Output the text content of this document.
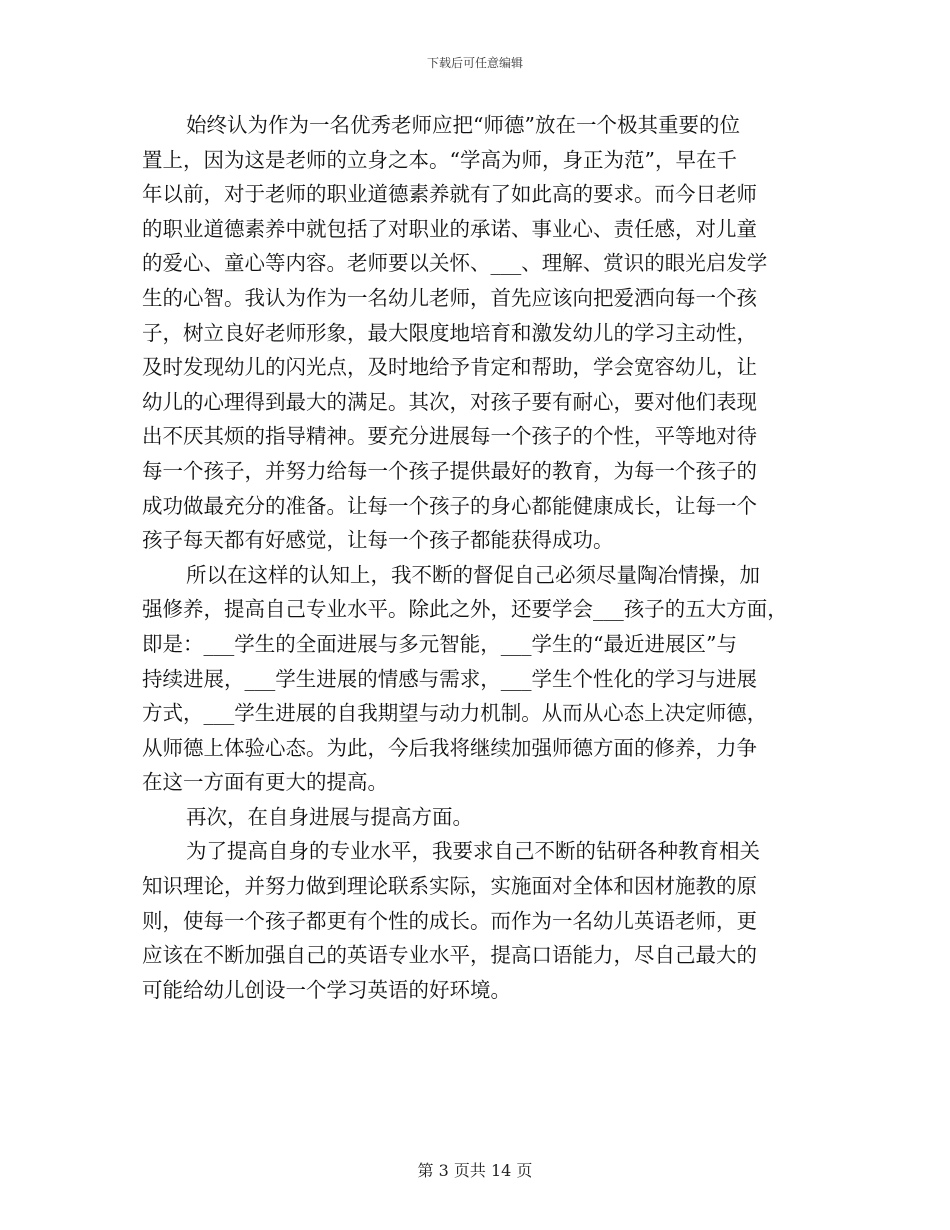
下载后可任意编辑
始终认为作为一名优秀老师应把“师德”放在一个极其重要的位
置上，因为这是老师的立身之本。“学高为师，身正为范”，早在千
年以前，对于老师的职业道德素养就有了如此高的要求。而今日老师
的职业道德素养中就包括了对职业的承诺、事业心、责任感，对儿童
的爱心、童心等内容。老师要以关怀、___、理解、赏识的眼光启发学
生的心智。我认为作为一名幼儿老师，首先应该向把爱洒向每一个孩
子，树立良好老师形象，最大限度地培育和激发幼儿的学习主动性，
及时发现幼儿的闪光点，及时地给予肯定和帮助，学会宽容幼儿，让
幼儿的心理得到最大的满足。其次，对孩子要有耐心，要对他们表现
出不厌其烦的指导精神。要充分进展每一个孩子的个性，平等地对待
每一个孩子，并努力给每一个孩子提供最好的教育，为每一个孩子的
成功做最充分的准备。让每一个孩子的身心都能健康成长，让每一个
孩子每天都有好感觉，让每一个孩子都能获得成功。
所以在这样的认知上，我不断的督促自己必须尽量陶冶情操，加
强修养，提高自己专业水平。除此之外，还要学会___孩子的五大方面，
即是：___学生的全面进展与多元智能，___学生的“最近进展区”与
持续进展，___学生进展的情感与需求，___学生个性化的学习与进展
方式，___学生进展的自我期望与动力机制。从而从心态上决定师德，
从师德上体验心态。为此，今后我将继续加强师德方面的修养，力争
在这一方面有更大的提高。
再次，在自身进展与提高方面。
为了提高自身的专业水平，我要求自己不断的钻研各种教育相关
知识理论，并努力做到理论联系实际，实施面对全体和因材施教的原
则，使每一个孩子都更有个性的成长。而作为一名幼儿英语老师，更
应该在不断加强自己的英语专业水平，提高口语能力，尽自己最大的
可能给幼儿创设一个学习英语的好环境。
第 3 页共 14 页
